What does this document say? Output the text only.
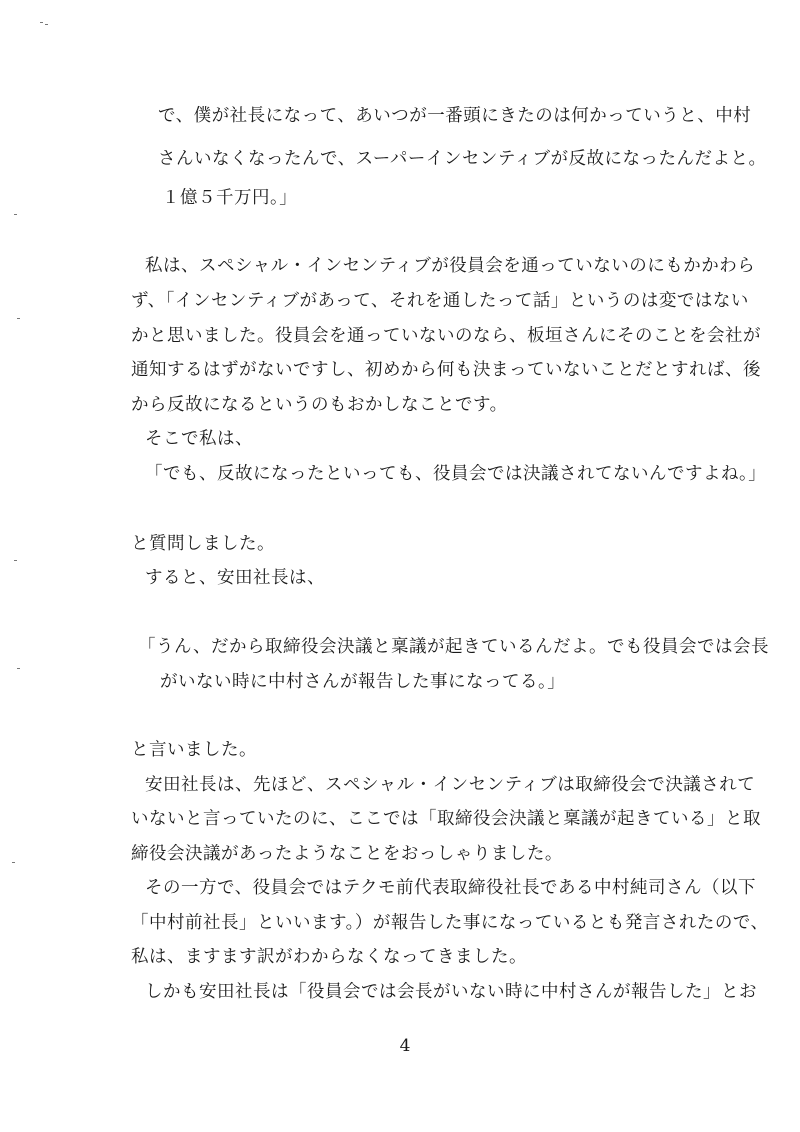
で、僕が社長になって、あいつが一番頭にきたのは何かっていうと、中村

さんいなくなったんで、スーパーインセンティブが反故になったんだよと。

１億５千万円。」

私は、スペシャル・インセンティブが役員会を通っていないのにもかかわら

ず、「インセンティブがあって、それを通したって話」というのは変ではない

かと思いました。役員会を通っていないのなら、板垣さんにそのことを会社が

通知するはずがないですし、初めから何も決まっていないことだとすれば、後

から反故になるというのもおかしなことです。

そこで私は、

「でも、反故になったといっても、役員会では決議されてないんですよね。」

と質問しました。

すると、安田社長は、

「うん、だから取締役会決議と稟議が起きているんだよ。でも役員会では会長

がいない時に中村さんが報告した事になってる。」

と言いました。

安田社長は、先ほど、スペシャル・インセンティブは取締役会で決議されて

いないと言っていたのに、ここでは「取締役会決議と稟議が起きている」と取

締役会決議があったようなことをおっしゃりました。

その一方で、役員会ではテクモ前代表取締役社長である中村純司さん（以下

「中村前社長」といいます。）が報告した事になっているとも発言されたので、

私は、ますます訳がわからなくなってきました。

しかも安田社長は「役員会では会長がいない時に中村さんが報告した」とお

4
